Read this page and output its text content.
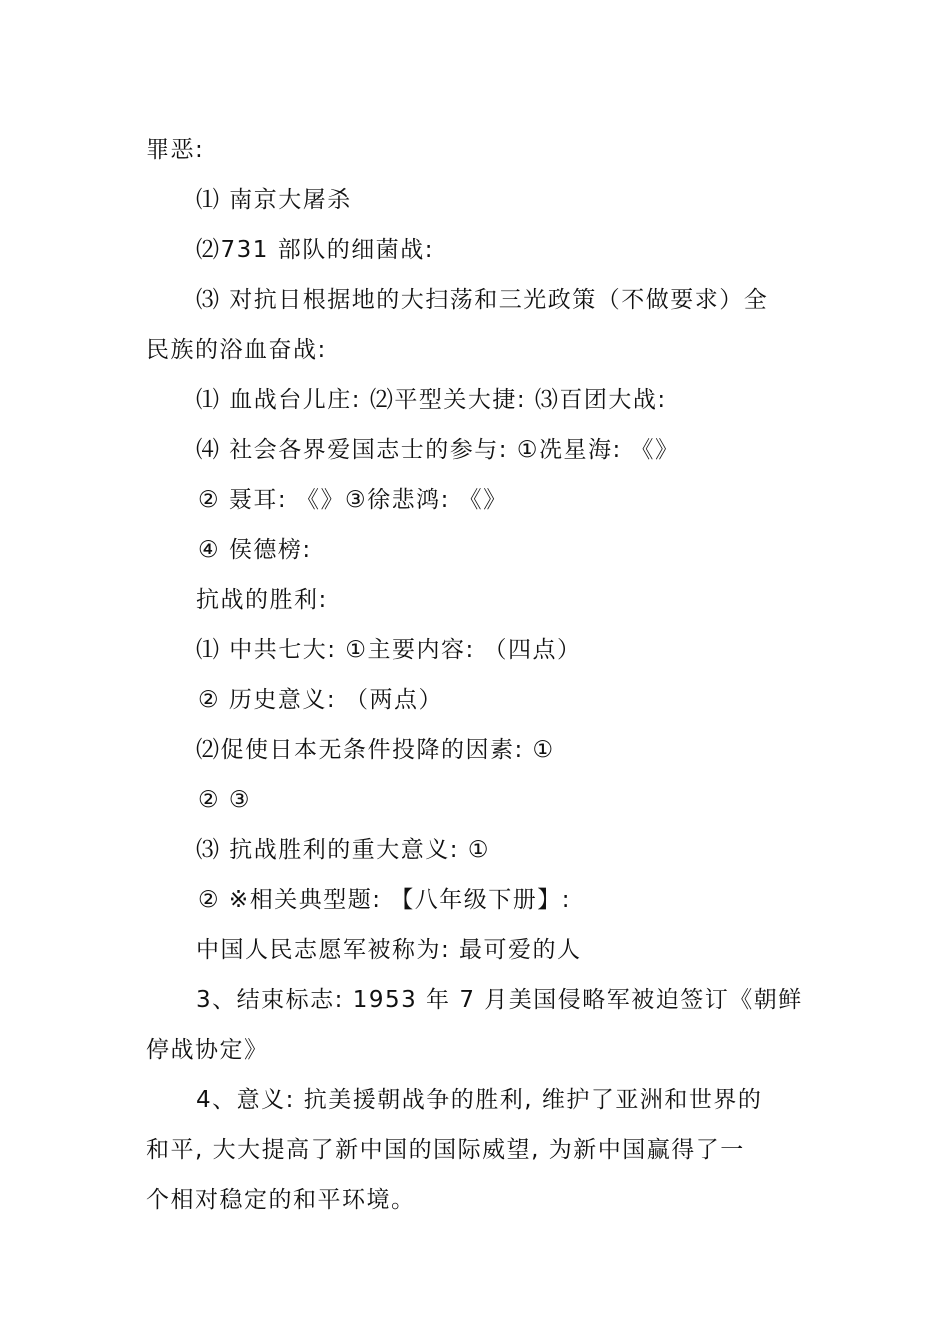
罪恶:
⑴ 南京大屠杀
⑵731 部队的细菌战:
⑶ 对抗日根据地的大扫荡和三光政策（不做要求）全
民族的浴血奋战:
⑴ 血战台儿庄: ⑵平型关大捷: ⑶百团大战:
⑷ 社会各界爱国志士的参与: ①冼星海: 《》
② 聂耳: 《》③徐悲鸿: 《》
④ 侯德榜:
抗战的胜利:
⑴ 中共七大: ①主要内容: （四点）
② 历史意义: （两点）
⑵促使日本无条件投降的因素: ①
② ③
⑶ 抗战胜利的重大意义: ①
② ※相关典型题: 【八年级下册】:
中国人民志愿军被称为: 最可爱的人
3、结束标志: 1953 年 7 月美国侵略军被迫签订《朝鲜
停战协定》
4、意义: 抗美援朝战争的胜利, 维护了亚洲和世界的
和平, 大大提高了新中国的国际威望, 为新中国赢得了一
个相对稳定的和平环境。
